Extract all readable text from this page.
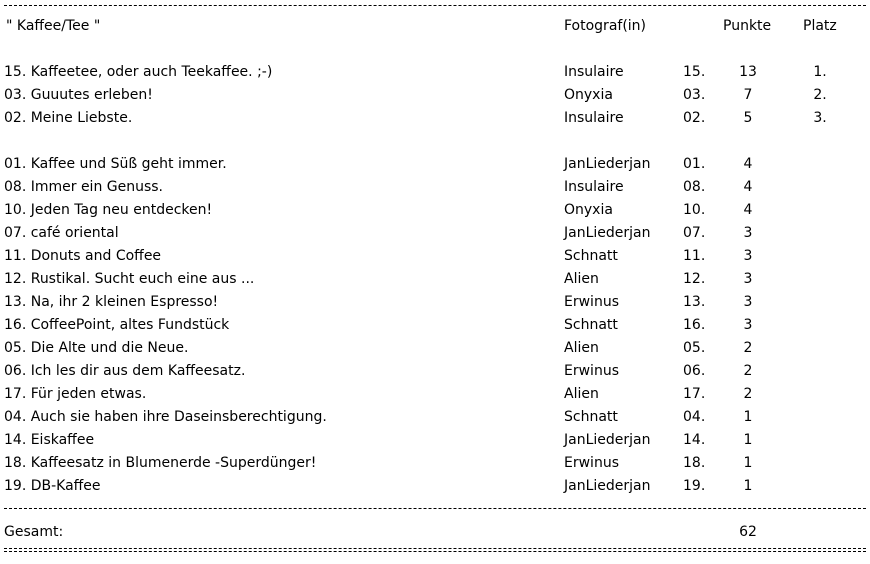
" Kaffee/Tee "	Fotograf(in)	Punkte Platz
15. Kaffeetee, oder auch Teekaffee. ;-)	Insulaire	15.	13	1.
03. Guuutes erleben!	Onyxia	03.	7	2.
02. Meine Liebste.	Insulaire	02.	5	3.
01. Kaffee und Süß geht immer.	JanLiederjan 01.	4
08. Immer ein Genuss.	Insulaire	08.	4
10. Jeden Tag neu entdecken!	Onyxia	10.	4
07. café oriental	JanLiederjan 07.	3
11. Donuts and Coffee	Schnatt	11.	3
12. Rustikal. Sucht euch eine aus ...	Alien	12.	3
13. Na, ihr 2 kleinen Espresso!	Erwinus	13.	3
16. CoffeePoint, altes Fundstück	Schnatt	16.	3
05. Die Alte und die Neue.	Alien	05.	2
06. Ich les dir aus dem Kaffeesatz.	Erwinus	06.	2
17. Für jeden etwas.	Alien	17.	2
04. Auch sie haben ihre Daseinsberechtigung.	Schnatt	04.	1
14. Eiskaffee	JanLiederjan 14.	1
18. Kaffeesatz in Blumenerde -Superdünger!	Erwinus	18.	1
19. DB-Kaffee	JanLiederjan 19.	1
Gesamt:	62
